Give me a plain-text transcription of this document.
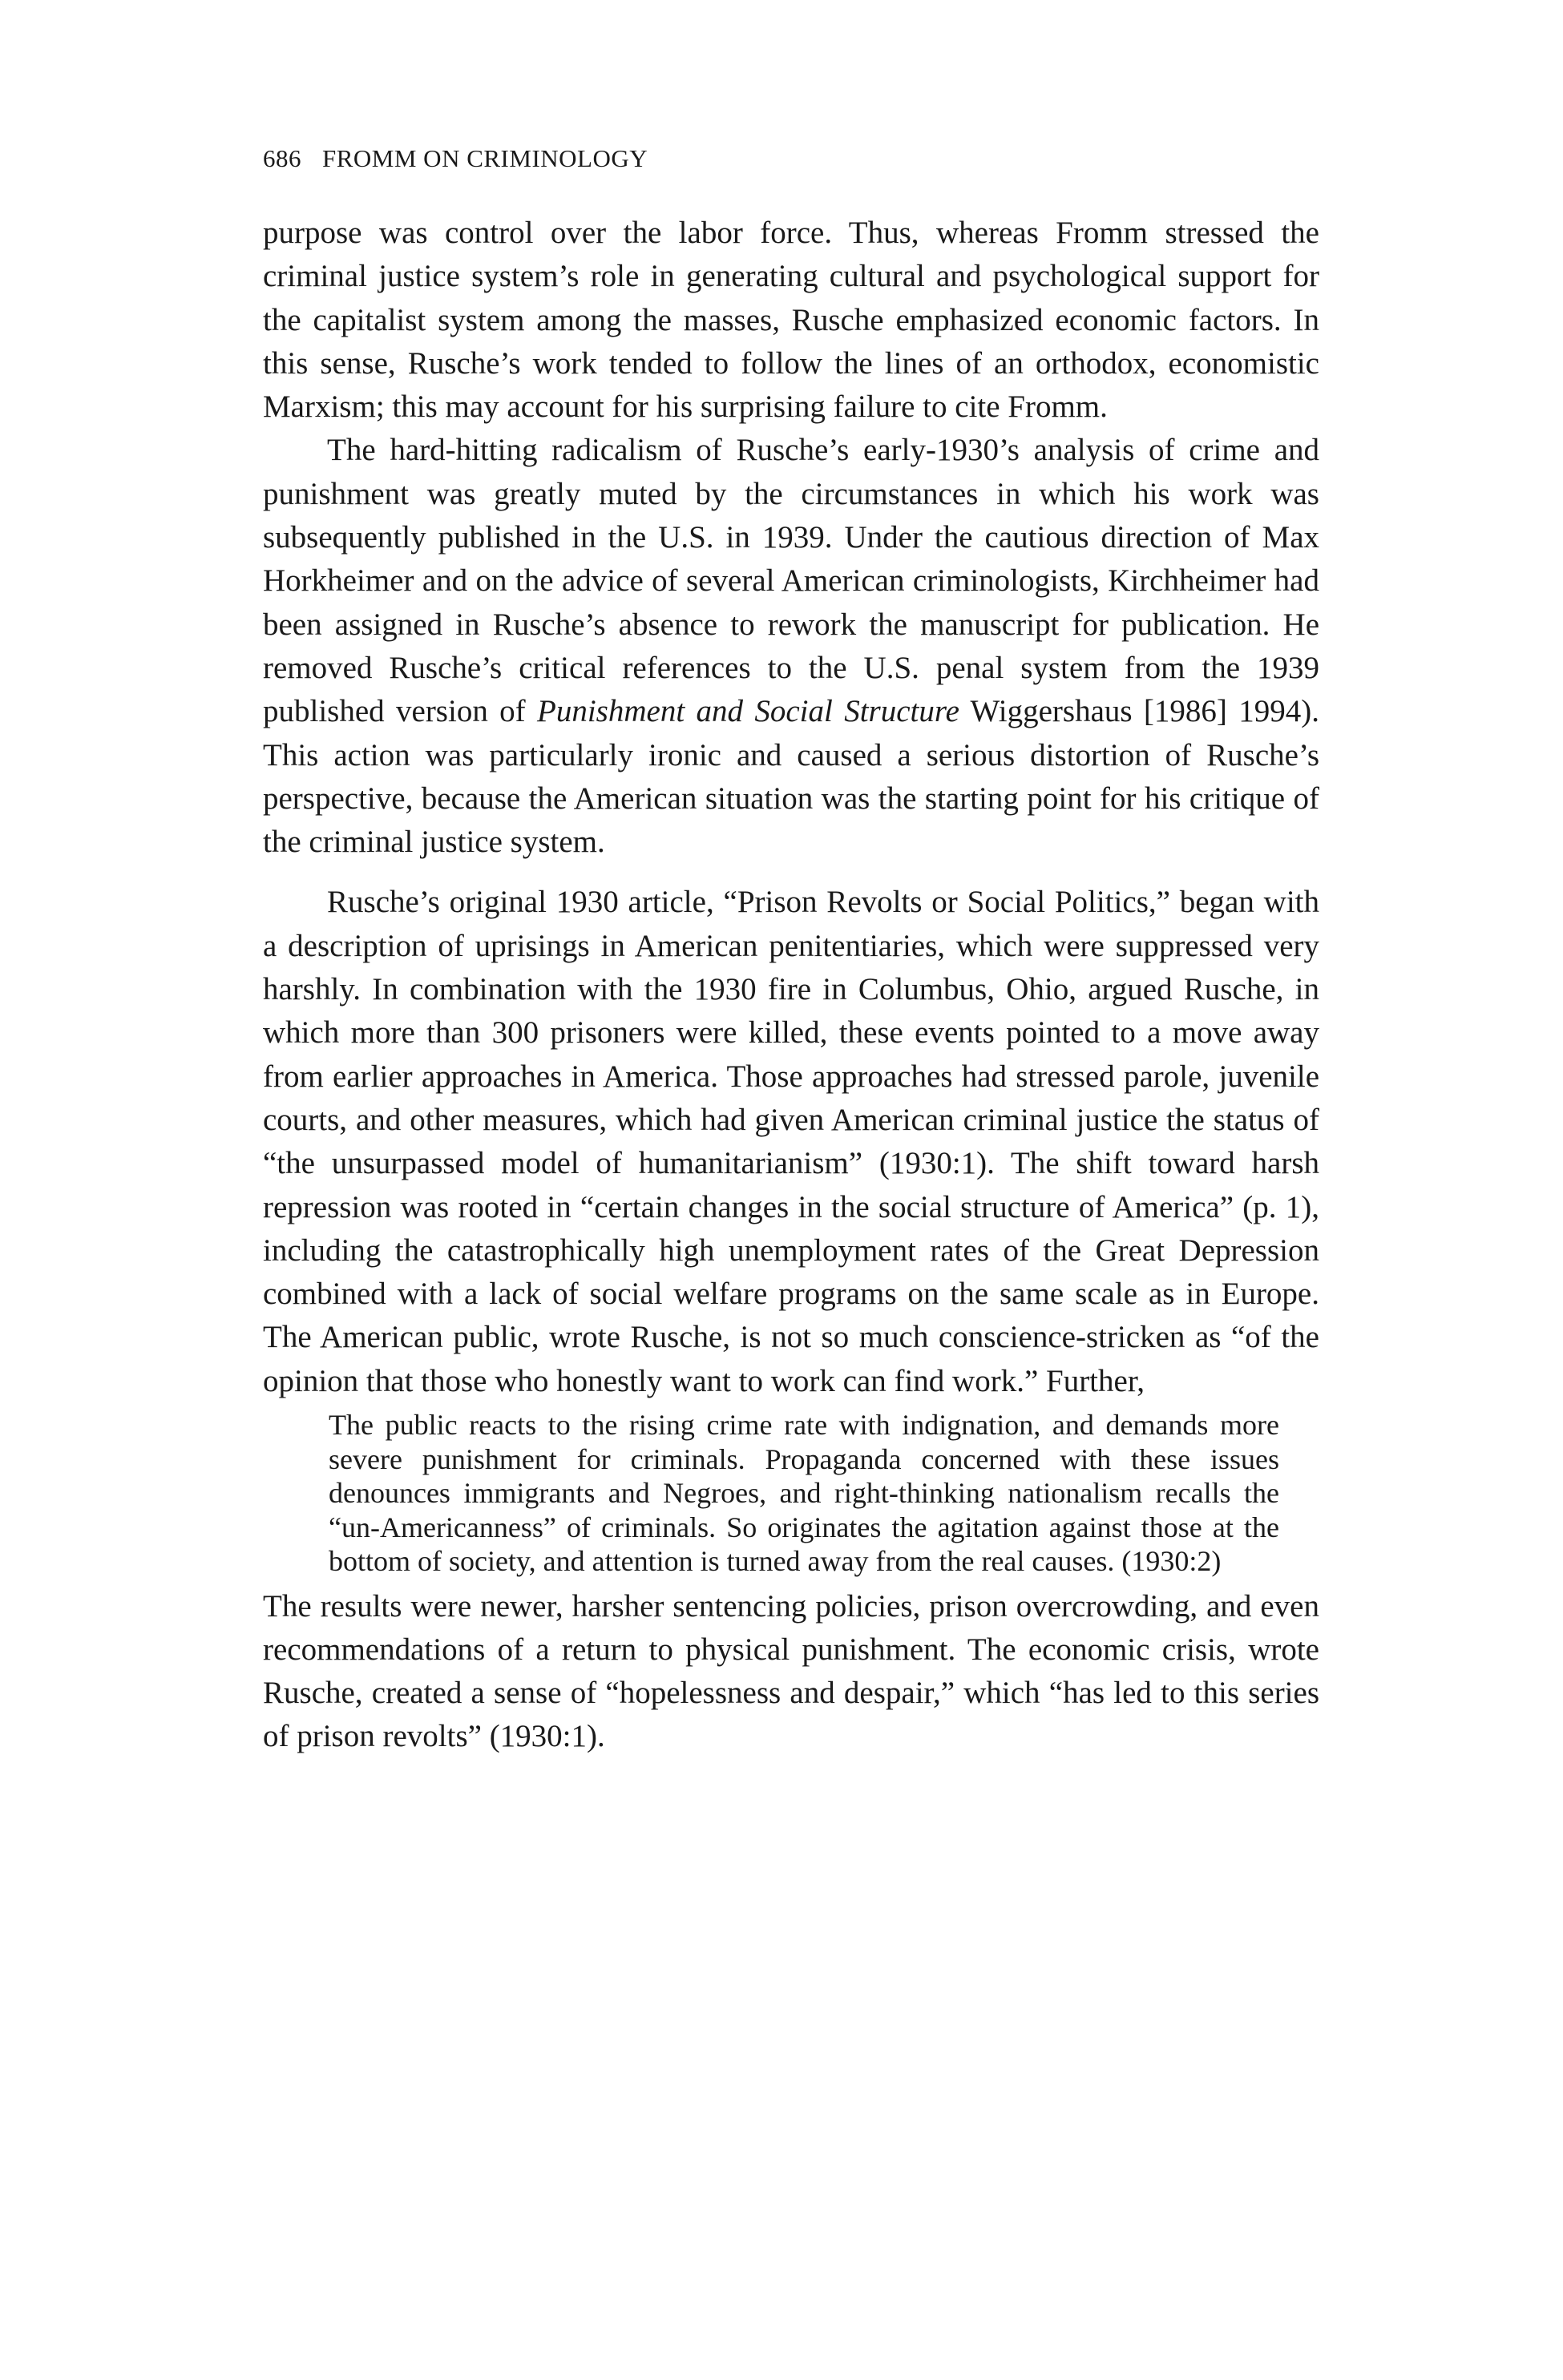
686 FROMM ON CRIMINOLOGY

purpose was control over the labor force. Thus, whereas Fromm stressed the criminal justice system’s role in generating cultural and psychological support for the capitalist system among the masses, Rusche emphasized economic factors. In this sense, Rusche’s work tended to follow the lines of an orthodox, economistic Marxism; this may account for his surprising failure to cite Fromm.

The hard-hitting radicalism of Rusche’s early-1930’s analysis of crime and punishment was greatly muted by the circumstances in which his work was subsequently published in the U.S. in 1939. Under the cautious direction of Max Horkheimer and on the advice of several American criminologists, Kirchheimer had been assigned in Rusche’s absence to rework the manuscript for publication. He removed Rusche’s critical references to the U.S. penal system from the 1939 published version of Punishment and Social Structure Wiggershaus [1986] 1994). This action was particularly ironic and caused a serious distortion of Rusche’s perspective, because the American situation was the starting point for his critique of the criminal justice system.

Rusche’s original 1930 article, “Prison Revolts or Social Politics,” began with a description of uprisings in American penitentiaries, which were suppressed very harshly. In combination with the 1930 fire in Columbus, Ohio, argued Rusche, in which more than 300 prisoners were killed, these events pointed to a move away from earlier approaches in America. Those approaches had stressed parole, juvenile courts, and other measures, which had given American criminal justice the status of “the unsurpassed model of humanitarianism” (1930:1). The shift toward harsh repression was rooted in “certain changes in the social structure of America” (p. 1), including the catastrophically high unemployment rates of the Great Depression combined with a lack of social welfare programs on the same scale as in Europe. The American public, wrote Rusche, is not so much conscience-stricken as “of the opinion that those who honestly want to work can find work.” Further,

The public reacts to the rising crime rate with indignation, and demands more severe punishment for criminals. Propaganda concerned with these issues denounces immigrants and Negroes, and right-thinking nationalism recalls the “un-Americanness” of criminals. So originates the agitation against those at the bottom of society, and attention is turned away from the real causes. (1930:2)

The results were newer, harsher sentencing policies, prison overcrowding, and even recommendations of a return to physical punishment. The economic crisis, wrote Rusche, created a sense of “hopelessness and despair,” which “has led to this series of prison revolts” (1930:1).
